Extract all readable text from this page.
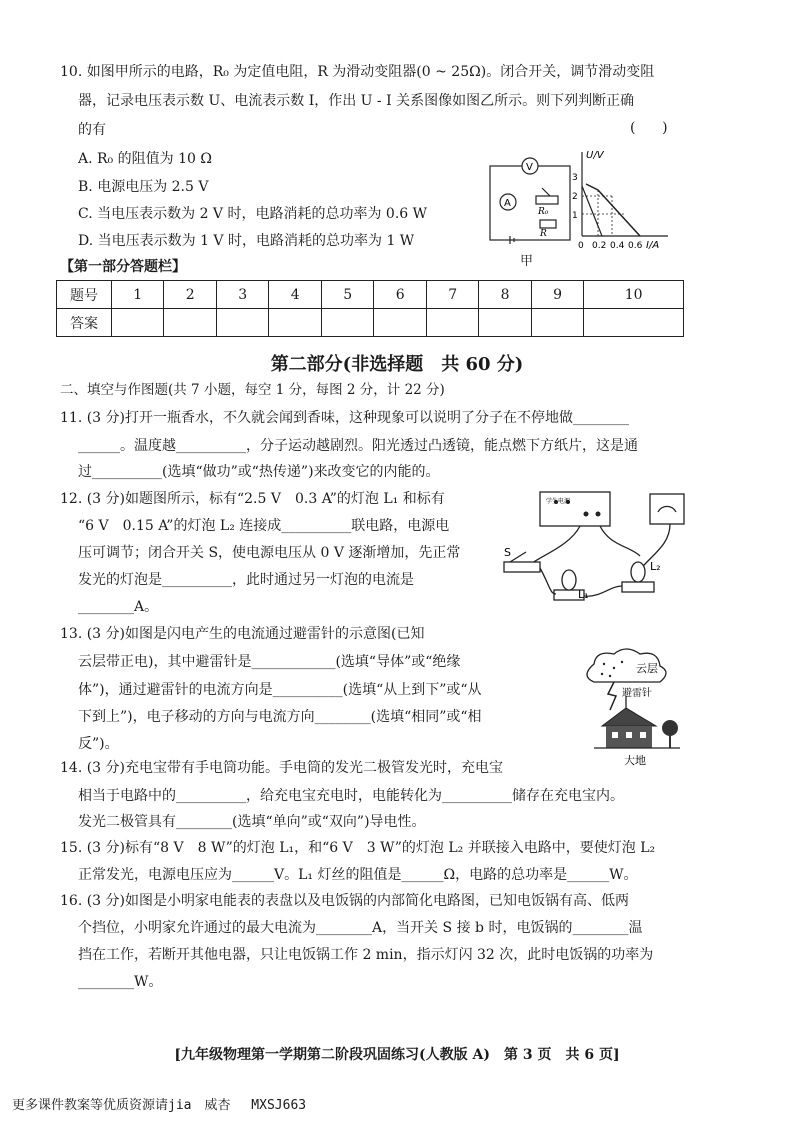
10. 如图甲所示的电路，R₀ 为定值电阻，R 为滑动变阻器(0 ~ 25Ω)。闭合开关，调节滑动变阻
器，记录电压表示数 U、电流表示数 I，作出 U - I 关系图像如图乙所示。则下列判断正确
的有	(      )
A. R₀ 的阻值为 10 Ω
B. 电源电压为 2.5 V
C. 当电压表示数为 2 V 时，电路消耗的总功率为 0.6 W
D. 当电压表示数为 1 V 时，电路消耗的总功率为 1 W
V
A
R₀
R
甲
U/V
3
2
1
0 0.2 0.4 0.6 I/A
【第一部分答题栏】
题号	1	2	3	4	5	6	7	8	9	10
答案										
第二部分(非选择题　共 60 分)
二、填空与作图题(共 7 小题，每空 1 分，每图 2 分，计 22 分)
11. (3 分)打开一瓶香水，不久就会闻到香味，这种现象可以说明了分子在不停地做________
______。温度越__________，分子运动越剧烈。阳光透过凸透镜，能点燃下方纸片，这是通
过__________(选填“做功”或“热传递”)来改变它的内能的。
12. (3 分)如题图所示，标有“2.5 V　0.3 A”的灯泡 L₁ 和标有
“6 V　0.15 A”的灯泡 L₂ 连接成__________联电路，电源电
压可调节；闭合开关 S，使电源电压从 0 V 逐渐增加，先正常
发光的灯泡是__________，此时通过另一灯泡的电流是
________A。
学生电源
S
L₁
L₂
13. (3 分)如图是闪电产生的电流通过避雷针的示意图(已知
云层带正电)，其中避雷针是____________(选填“导体”或“绝缘
体”)，通过避雷针的电流方向是__________(选填“从上到下”或“从
下到上”)，电子移动的方向与电流方向________(选填“相同”或“相
反”)。
云层
避雷针
大地
14. (3 分)充电宝带有手电筒功能。手电筒的发光二极管发光时，充电宝
相当于电路中的__________，给充电宝充电时，电能转化为__________储存在充电宝内。
发光二极管具有________(选填“单向”或“双向”)导电性。
15. (3 分)标有“8 V　8 W”的灯泡 L₁，和“6 V　3 W”的灯泡 L₂ 并联接入电路中，要使灯泡 L₂
正常发光，电源电压应为______V。L₁ 灯丝的阻值是______Ω，电路的总功率是______W。
16. (3 分)如图是小明家电能表的表盘以及电饭锅的内部简化电路图，已知电饭锅有高、低两
个挡位，小明家允许通过的最大电流为________A，当开关 S 接 b 时，电饭锅的________温
挡在工作，若断开其他电器，只让电饭锅工作 2 min，指示灯闪 32 次，此时电饭锅的功率为
________W。
[九年级物理第一学期第二阶段巩固练习(人教版 A)　第 3 页　共 6 页]
更多课件教案等优质资源请jia　威杏　 MXSJ663
